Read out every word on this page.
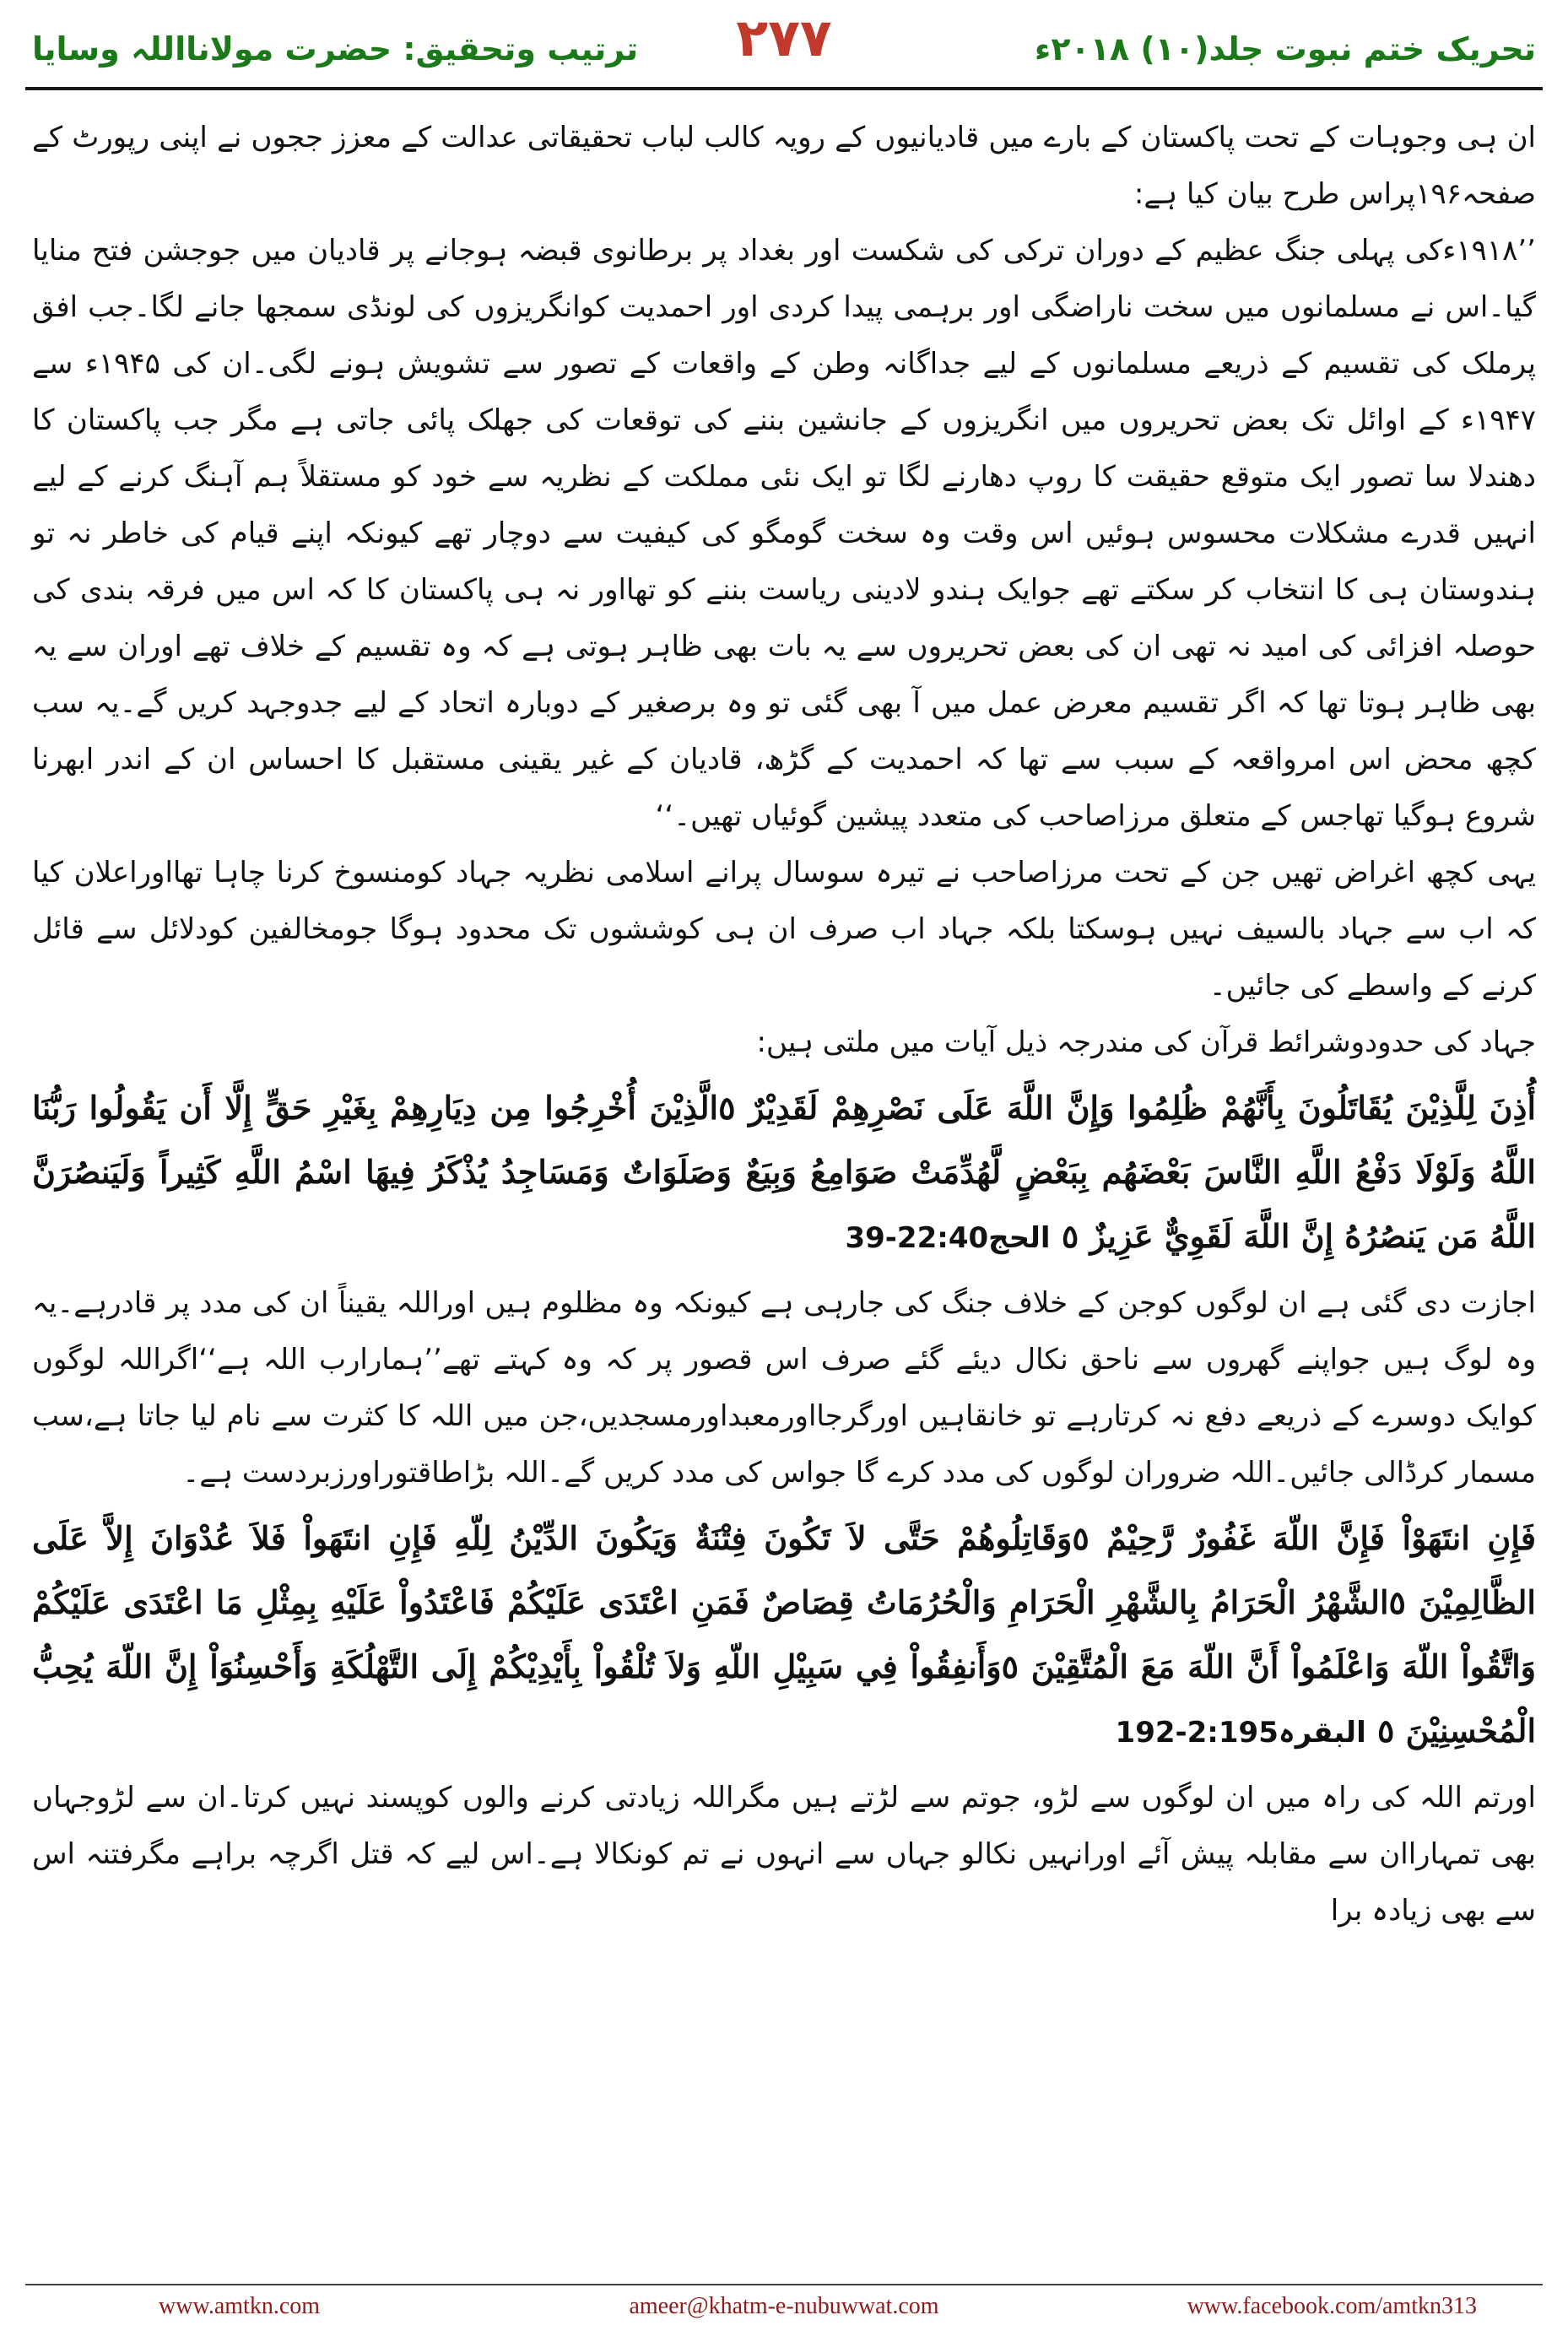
تحریک ختم نبوت جلد(۱۰) ۲۰۱۸ء
۲۷۷
ترتیب وتحقیق: حضرت مولانااللہ وسایا

ان ہی وجوہات کے تحت پاکستان کے بارے میں قادیانیوں کے رویہ کالب لباب تحقیقاتی عدالت کے معزز ججوں نے اپنی رپورٹ کے صفحہ۱۹۶پراس طرح بیان کیا ہے:

’’۱۹۱۸ءکی پہلی جنگ عظیم کے دوران ترکی کی شکست اور بغداد پر برطانوی قبضہ ہوجانے پر قادیان میں جوجشن فتح منایا گیا۔اس نے مسلمانوں میں سخت ناراضگی اور برہمی پیدا کردی اور احمدیت کوانگریزوں کی لونڈی سمجھا جانے لگا۔جب افق پرملک کی تقسیم کے ذریعے مسلمانوں کے لیے جداگانہ وطن کے واقعات کے تصور سے تشویش ہونے لگی۔ان کی ۱۹۴۵ء سے ۱۹۴۷ء کے اوائل تک بعض تحریروں میں انگریزوں کے جانشین بننے کی توقعات کی جھلک پائی جاتی ہے مگر جب پاکستان کا دھندلا سا تصور ایک متوقع حقیقت کا روپ دھارنے لگا تو ایک نئی مملکت کے نظریہ سے خود کو مستقلاً ہم آہنگ کرنے کے لیے انہیں قدرے مشکلات محسوس ہوئیں اس وقت وہ سخت گومگو کی کیفیت سے دوچار تھے کیونکہ اپنے قیام کی خاطر نہ تو ہندوستان ہی کا انتخاب کر سکتے تھے جوایک ہندو لادینی ریاست بننے کو تھااور نہ ہی پاکستان کا کہ اس میں فرقہ بندی کی حوصلہ افزائی کی امید نہ تھی ان کی بعض تحریروں سے یہ بات بھی ظاہر ہوتی ہے کہ وہ تقسیم کے خلاف تھے اوران سے یہ بھی ظاہر ہوتا تھا کہ اگر تقسیم معرض عمل میں آ بھی گئی تو وہ برصغیر کے دوبارہ اتحاد کے لیے جدوجہد کریں گے۔یہ سب کچھ محض اس امرواقعہ کے سبب سے تھا کہ احمدیت کے گڑھ، قادیان کے غیر یقینی مستقبل کا احساس ان کے اندر ابھرنا شروع ہوگیا تھاجس کے متعلق مرزاصاحب کی متعدد پیشین گوئیاں تھیں۔‘‘

یہی کچھ اغراض تھیں جن کے تحت مرزاصاحب نے تیرہ سوسال پرانے اسلامی نظریہ جہاد کومنسوخ کرنا چاہا تھااوراعلان کیا کہ اب سے جہاد بالسیف نہیں ہوسکتا بلکہ جہاد اب صرف ان ہی کوششوں تک محدود ہوگا جومخالفین کودلائل سے قائل کرنے کے واسطے کی جائیں۔

جہاد کی حدودوشرائط قرآن کی مندرجہ ذیل آیات میں ملتی ہیں:

أُذِنَ لِلَّذِيْنَ يُقَاتَلُونَ بِأَنَّهُمْ ظُلِمُوا وَإِنَّ اللَّهَ عَلَى نَصْرِهِمْ لَقَدِيْرٌ ٥الَّذِيْنَ أُخْرِجُوا مِن دِيَارِهِمْ بِغَيْرِ حَقٍّ إِلَّا أَن يَقُولُوا رَبُّنَا اللَّهُ وَلَوْلَا دَفْعُ اللَّهِ النَّاسَ بَعْضَهُم بِبَعْضٍ لَّهُدِّمَتْ صَوَامِعُ وَبِيَعٌ وَصَلَوَاتٌ وَمَسَاجِدُ يُذْكَرُ فِيهَا اسْمُ اللَّهِ كَثِيراً وَلَيَنصُرَنَّ اللَّهُ مَن يَنصُرُهُ إِنَّ اللَّهَ لَقَوِيٌّ عَزِيزٌ ٥ الحج22:40-39

اجازت دی گئی ہے ان لوگوں کوجن کے خلاف جنگ کی جارہی ہے کیونکہ وہ مظلوم ہیں اوراللہ یقیناً ان کی مدد پر قادرہے۔یہ وہ لوگ ہیں جواپنے گھروں سے ناحق نکال دیئے گئے صرف اس قصور پر کہ وہ کہتے تھے’’ہمارارب اللہ ہے‘‘اگراللہ لوگوں کوایک دوسرے کے ذریعے دفع نہ کرتارہے تو خانقاہیں اورگرجااورمعبداورمسجدیں،جن میں اللہ کا کثرت سے نام لیا جاتا ہے،سب مسمار کرڈالی جائیں۔اللہ ضروران لوگوں کی مدد کرے گا جواس کی مدد کریں گے۔اللہ بڑاطاقتوراورزبردست ہے۔

فَإِنِ انتَهَوْاْ فَإِنَّ اللّهَ غَفُورٌ رَّحِيْمٌ ٥وَقَاتِلُوهُمْ حَتَّى لاَ تَكُونَ فِتْنَةٌ وَيَكُونَ الدِّيْنُ لِلّهِ فَإِنِ انتَهَواْ فَلاَ عُدْوَانَ إِلاَّ عَلَى الظَّالِمِيْنَ ٥الشَّهْرُ الْحَرَامُ بِالشَّهْرِ الْحَرَامِ وَالْحُرُمَاتُ قِصَاصٌ فَمَنِ اعْتَدَى عَلَيْكُمْ فَاعْتَدُواْ عَلَيْهِ بِمِثْلِ مَا اعْتَدَى عَلَيْكُمْ وَاتَّقُواْ اللّهَ وَاعْلَمُواْ أَنَّ اللّهَ مَعَ الْمُتَّقِيْنَ ٥وَأَنفِقُواْ فِي سَبِيْلِ اللّهِ وَلاَ تُلْقُواْ بِأَيْدِيْكُمْ إِلَى التَّهْلُكَةِ وَأَحْسِنُوَاْ إِنَّ اللّهَ يُحِبُّ الْمُحْسِنِيْنَ ٥ البقرہ2:195-192

اورتم اللہ کی راہ میں ان لوگوں سے لڑو، جوتم سے لڑتے ہیں مگراللہ زیادتی کرنے والوں کوپسند نہیں کرتا۔ان سے لڑوجہاں بھی تمہاراان سے مقابلہ پیش آئے اورانہیں نکالو جہاں سے انہوں نے تم کونکالا ہے۔اس لیے کہ قتل اگرچہ براہے مگرفتنہ اس سے بھی زیادہ برا

www.amtkn.com	ameer@khatm-e-nubuwwat.com	www.facebook.com/amtkn313
